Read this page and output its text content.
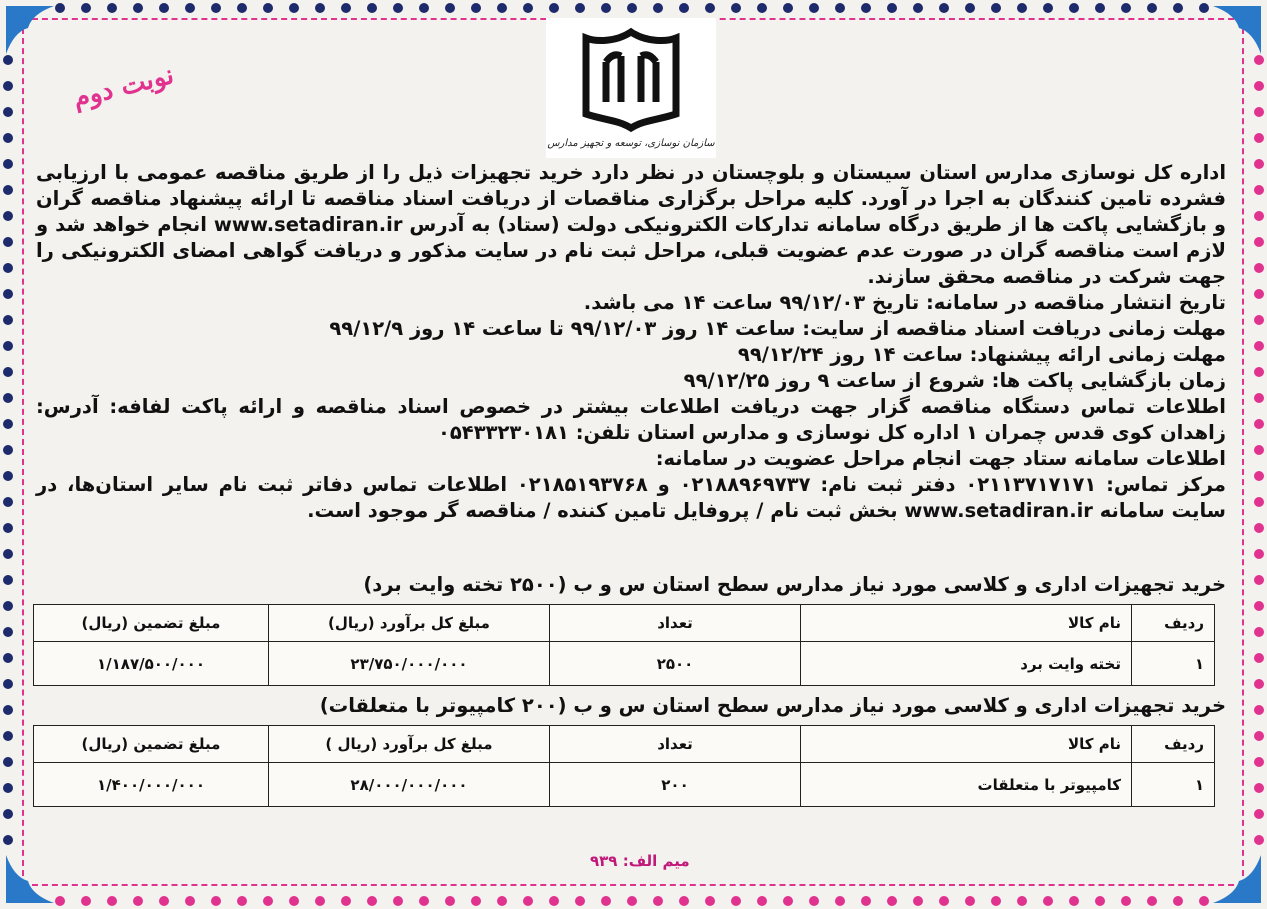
نوبت دوم
سازمان نوسازی، توسعه و تجهیز مدارس

اداره کل نوسازی مدارس استان سیستان و بلوچستان در نظر دارد خرید تجهیزات ذیل را از طریق مناقصه عمومی با ارزیابی فشرده تامین کنندگان به اجرا در آورد. کلیه مراحل برگزاری مناقصات از دریافت اسناد مناقصه تا ارائه پیشنهاد مناقصه گران و بازگشایی پاکت ها از طریق درگاه سامانه تدارکات الکترونیکی دولت (ستاد) به آدرس www.setadiran.ir انجام خواهد شد و لازم است مناقصه گران در صورت عدم عضویت قبلی، مراحل ثبت نام در سایت مذکور و دریافت گواهی امضای الکترونیکی را جهت شرکت در مناقصه محقق سازند.

تاریخ انتشار مناقصه در سامانه: تاریخ ۹۹/۱۲/۰۳ ساعت ۱۴ می باشد.

مهلت زمانی دریافت اسناد مناقصه از سایت: ساعت ۱۴ روز ۹۹/۱۲/۰۳ تا ساعت ۱۴ روز ۹۹/۱۲/۹

مهلت زمانی ارائه پیشنهاد: ساعت ۱۴ روز ۹۹/۱۲/۲۴

زمان بازگشایی پاکت ها: شروع از ساعت ۹ روز ۹۹/۱۲/۲۵

اطلاعات تماس دستگاه مناقصه گزار جهت دریافت اطلاعات بیشتر در خصوص اسناد مناقصه و ارائه پاکت لفافه: آدرس: زاهدان کوی قدس چمران ۱ اداره کل نوسازی و مدارس استان تلفن: ۰۵۴۳۳۲۳۰۱۸۱

اطلاعات سامانه ستاد جهت انجام مراحل عضویت در سامانه:

مرکز تماس: ۰۲۱۱۳۷۱۷۱۷۱ دفتر ثبت نام: ۰۲۱۸۸۹۶۹۷۳۷ و ۰۲۱۸۵۱۹۳۷۶۸ اطلاعات تماس دفاتر ثبت نام سایر استان‌ها، در سایت سامانه www.setadiran.ir بخش ثبت نام / پروفایل تامین کننده / مناقصه گر موجود است.

خرید تجهیزات اداری و کلاسی مورد نیاز مدارس سطح استان س و ب (۲۵۰۰ تخته وایت برد)
ردیف	نام کالا	تعداد	مبلغ کل برآورد (ریال)	مبلغ تضمین (ریال)
۱	تخته وایت برد	۲۵۰۰	۲۳/۷۵۰/۰۰۰/۰۰۰	۱/۱۸۷/۵۰۰/۰۰۰
خرید تجهیزات اداری و کلاسی مورد نیاز مدارس سطح استان س و ب (۲۰۰ کامپیوتر با متعلقات)
ردیف	نام کالا	تعداد	مبلغ کل برآورد (ریال )	مبلغ تضمین (ریال)
۱	کامپیوتر با متعلقات	۲۰۰	۲۸/۰۰۰/۰۰۰/۰۰۰	۱/۴۰۰/۰۰۰/۰۰۰
میم الف: ۹۳۹
